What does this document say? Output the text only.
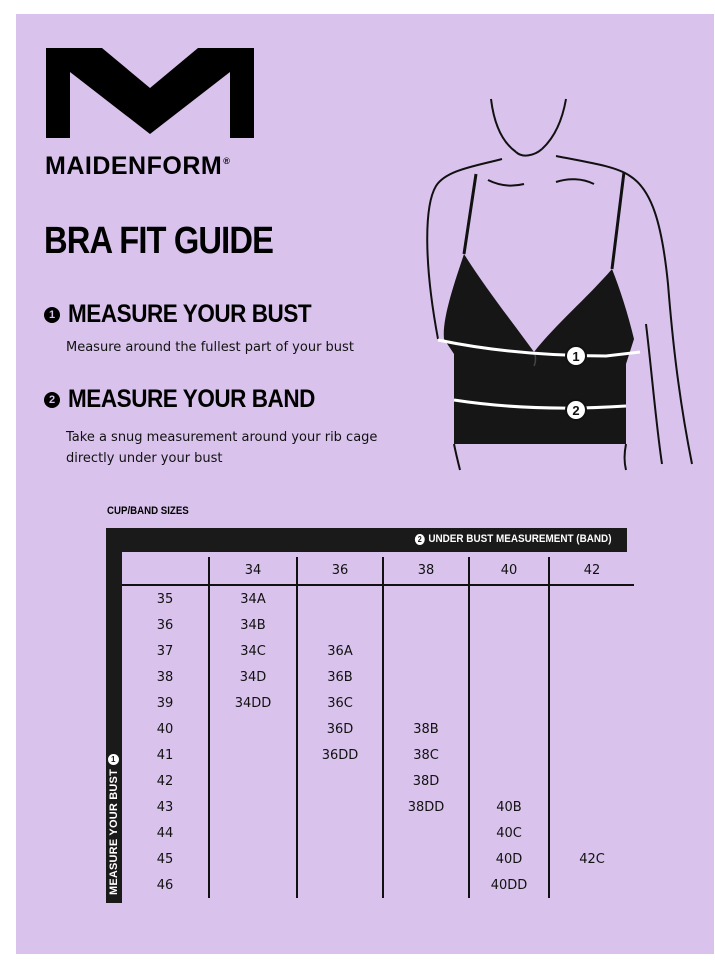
MAIDENFORM®
BRA FIT GUIDE
1 MEASURE YOUR BUST
Measure around the fullest part of your bust
2 MEASURE YOUR BAND
Take a snug measurement around your rib cage
directly under your bust
1
2
CUP/BAND SIZES
2 UNDER BUST MEASUREMENT (BAND)
MEASURE YOUR BUST1
	34	36	38	40	42
35	34A				
36	34B				
37	34C	36A			
38	34D	36B			
39	34DD	36C			
40		36D	38B		
41		36DD	38C		
42			38D		
43			38DD	40B	
44				40C	
45				40D	42C
46				40DD	
